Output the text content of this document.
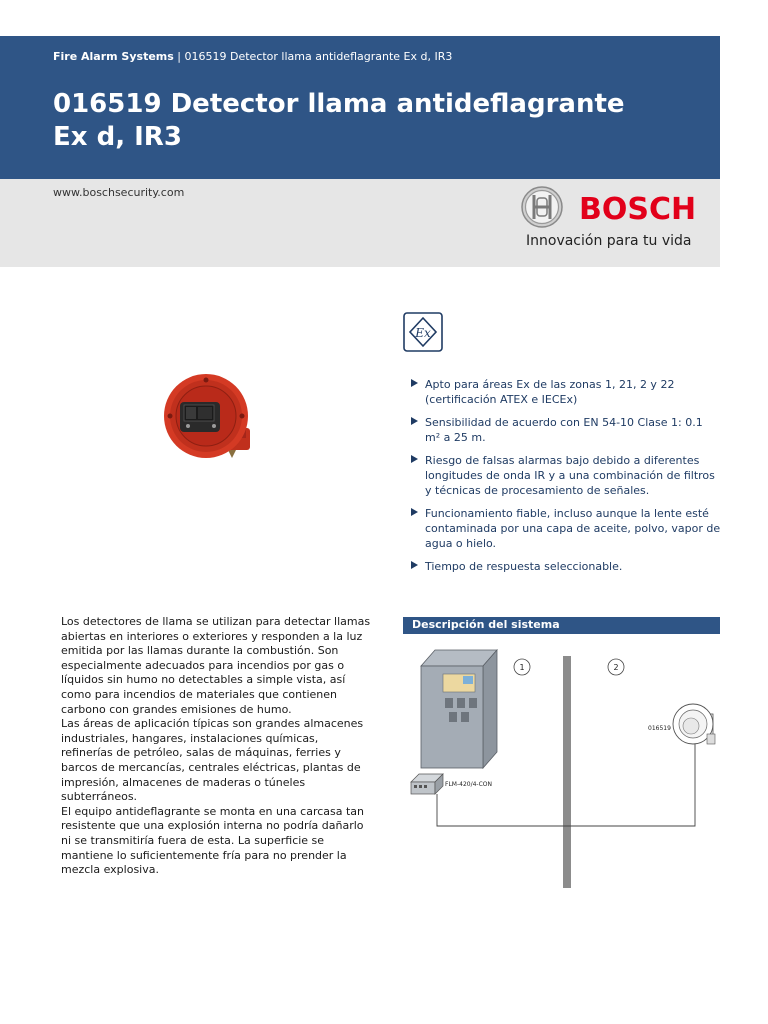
Fire Alarm Systems | 016519 Detector llama antideflagrante Ex d, IR3
016519 Detector llama antideflagrante
Ex d, IR3
www.boschsecurity.com	BOSCH
Innovación para tu vida
Ex
Apto para áreas Ex de las zonas 1, 21, 2 y 22 (certificación ATEX e IECEx)
Sensibilidad de acuerdo con EN 54-10 Clase 1: 0.1 m² a 25 m.
Riesgo de falsas alarmas bajo debido a diferentes longitudes de onda IR y a una combinación de filtros y técnicas de procesamiento de señales.
Funcionamiento fiable, incluso aunque la lente esté contaminada por una capa de aceite, polvo, vapor de agua o hielo.
Tiempo de respuesta seleccionable.

Los detectores de llama se utilizan para detectar llamas abiertas en interiores o exteriores y responden a la luz emitida por las llamas durante la combustión. Son especialmente adecuados para incendios por gas o líquidos sin humo no detectables a simple vista, así como para incendios de materiales que contienen carbono con grandes emisiones de humo.

Las áreas de aplicación típicas son grandes almacenes industriales, hangares, instalaciones químicas, refinerías de petróleo, salas de máquinas, ferries y barcos de mercancías, centrales eléctricas, plantas de impresión, almacenes de maderas o túneles subterráneos.

El equipo antideflagrante se monta en una carcasa tan resistente que una explosión interna no podría dañarlo ni se transmitiría fuera de esta. La superficie se mantiene lo suficientemente fría para no prender la mezcla explosiva.

Descripción del sistema
FLM-420/4-CON
1	2
016519
